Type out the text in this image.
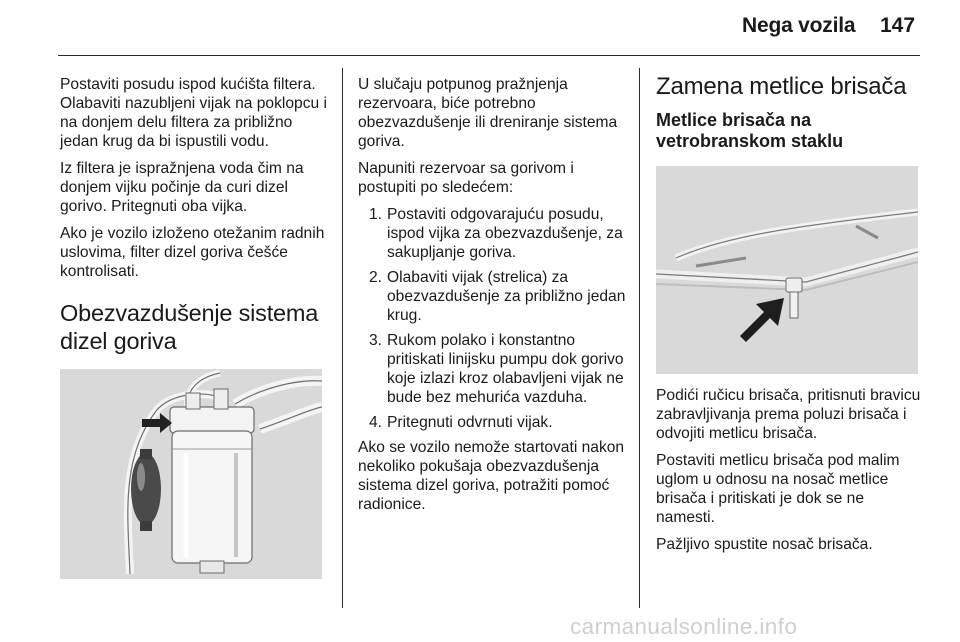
Nega vozila 147

Postaviti posudu ispod kućišta filtera. Olabaviti nazubljeni vijak na poklopcu i na donjem delu filtera za približno jedan krug da bi ispustili vodu.

Iz filtera je ispražnjena voda čim na donjem vijku počinje da curi dizel gorivo. Pritegnuti oba vijka.

Ako je vozilo izloženo otežanim radnih uslovima, filter dizel goriva češće kontrolisati.

Obezvazdušenje sistema dizel goriva

U slučaju potpunog pražnjenja rezervoara, biće potrebno obezvazdušenje ili dreniranje sistema goriva.

Napuniti rezervoar sa gorivom i postupiti po sledećem:

1. Postaviti odgovarajuću posudu, ispod vijka za obezvazdušenje, za sakupljanje goriva.
2. Olabaviti vijak (strelica) za obezvazdušenje za približno jedan krug.
3. Rukom polako i konstantno pritiskati linijsku pumpu dok gorivo koje izlazi kroz olabavljeni vijak ne bude bez mehurića vazduha.
4. Pritegnuti odvrnuti vijak.

Ako se vozilo nemože startovati nakon nekoliko pokušaja obezvazdušenja sistema dizel goriva, potražiti pomoć radionice.

Zamena metlice brisača
Metlice brisača na vetrobranskom staklu

Podići ručicu brisača, pritisnuti bravicu zabravljivanja prema poluzi brisača i odvojiti metlicu brisača.

Postaviti metlicu brisača pod malim uglom u odnosu na nosač metlice brisača i pritiskati je dok se ne namesti.

Pažljivo spustite nosač brisača.

carmanualsonline.info
